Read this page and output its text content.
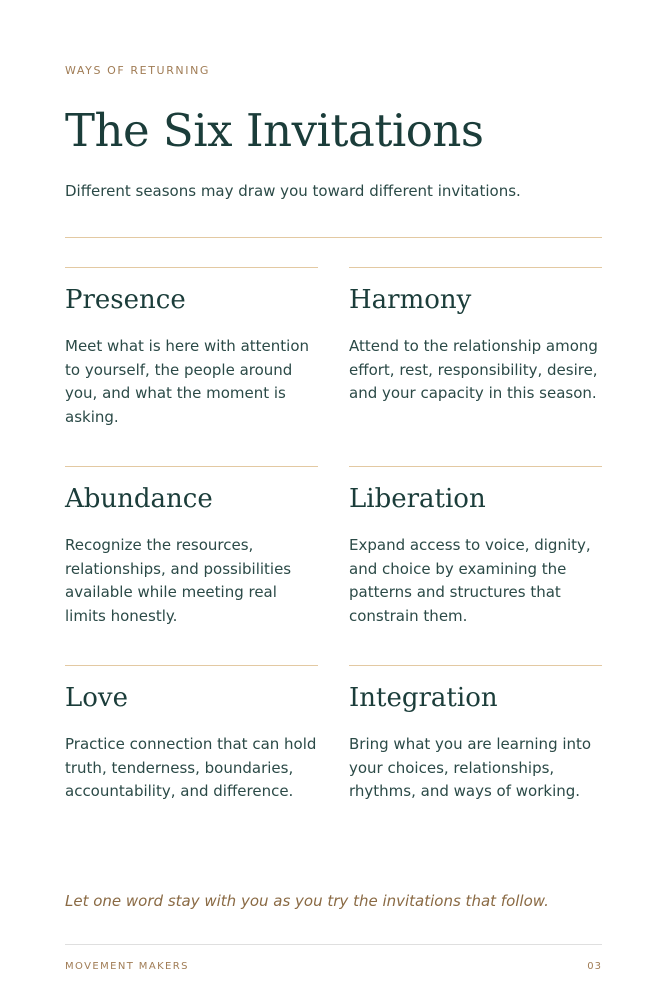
WAYS OF RETURNING
The Six Invitations
Different seasons may draw you toward different invitations.
Presence

Meet what is here with attention to yourself, the people around you, and what the moment is asking.

Harmony

Attend to the relationship among effort, rest, responsibility, desire, and your capacity in this season.

Abundance

Recognize the resources, relationships, and possibilities available while meeting real limits honestly.

Liberation

Expand access to voice, dignity, and choice by examining the patterns and structures that constrain them.

Love

Practice connection that can hold truth, tenderness, boundaries, accountability, and difference.

Integration

Bring what you are learning into your choices, relationships, rhythms, and ways of working.

Let one word stay with you as you try the invitations that follow.
MOVEMENT MAKERS	03
